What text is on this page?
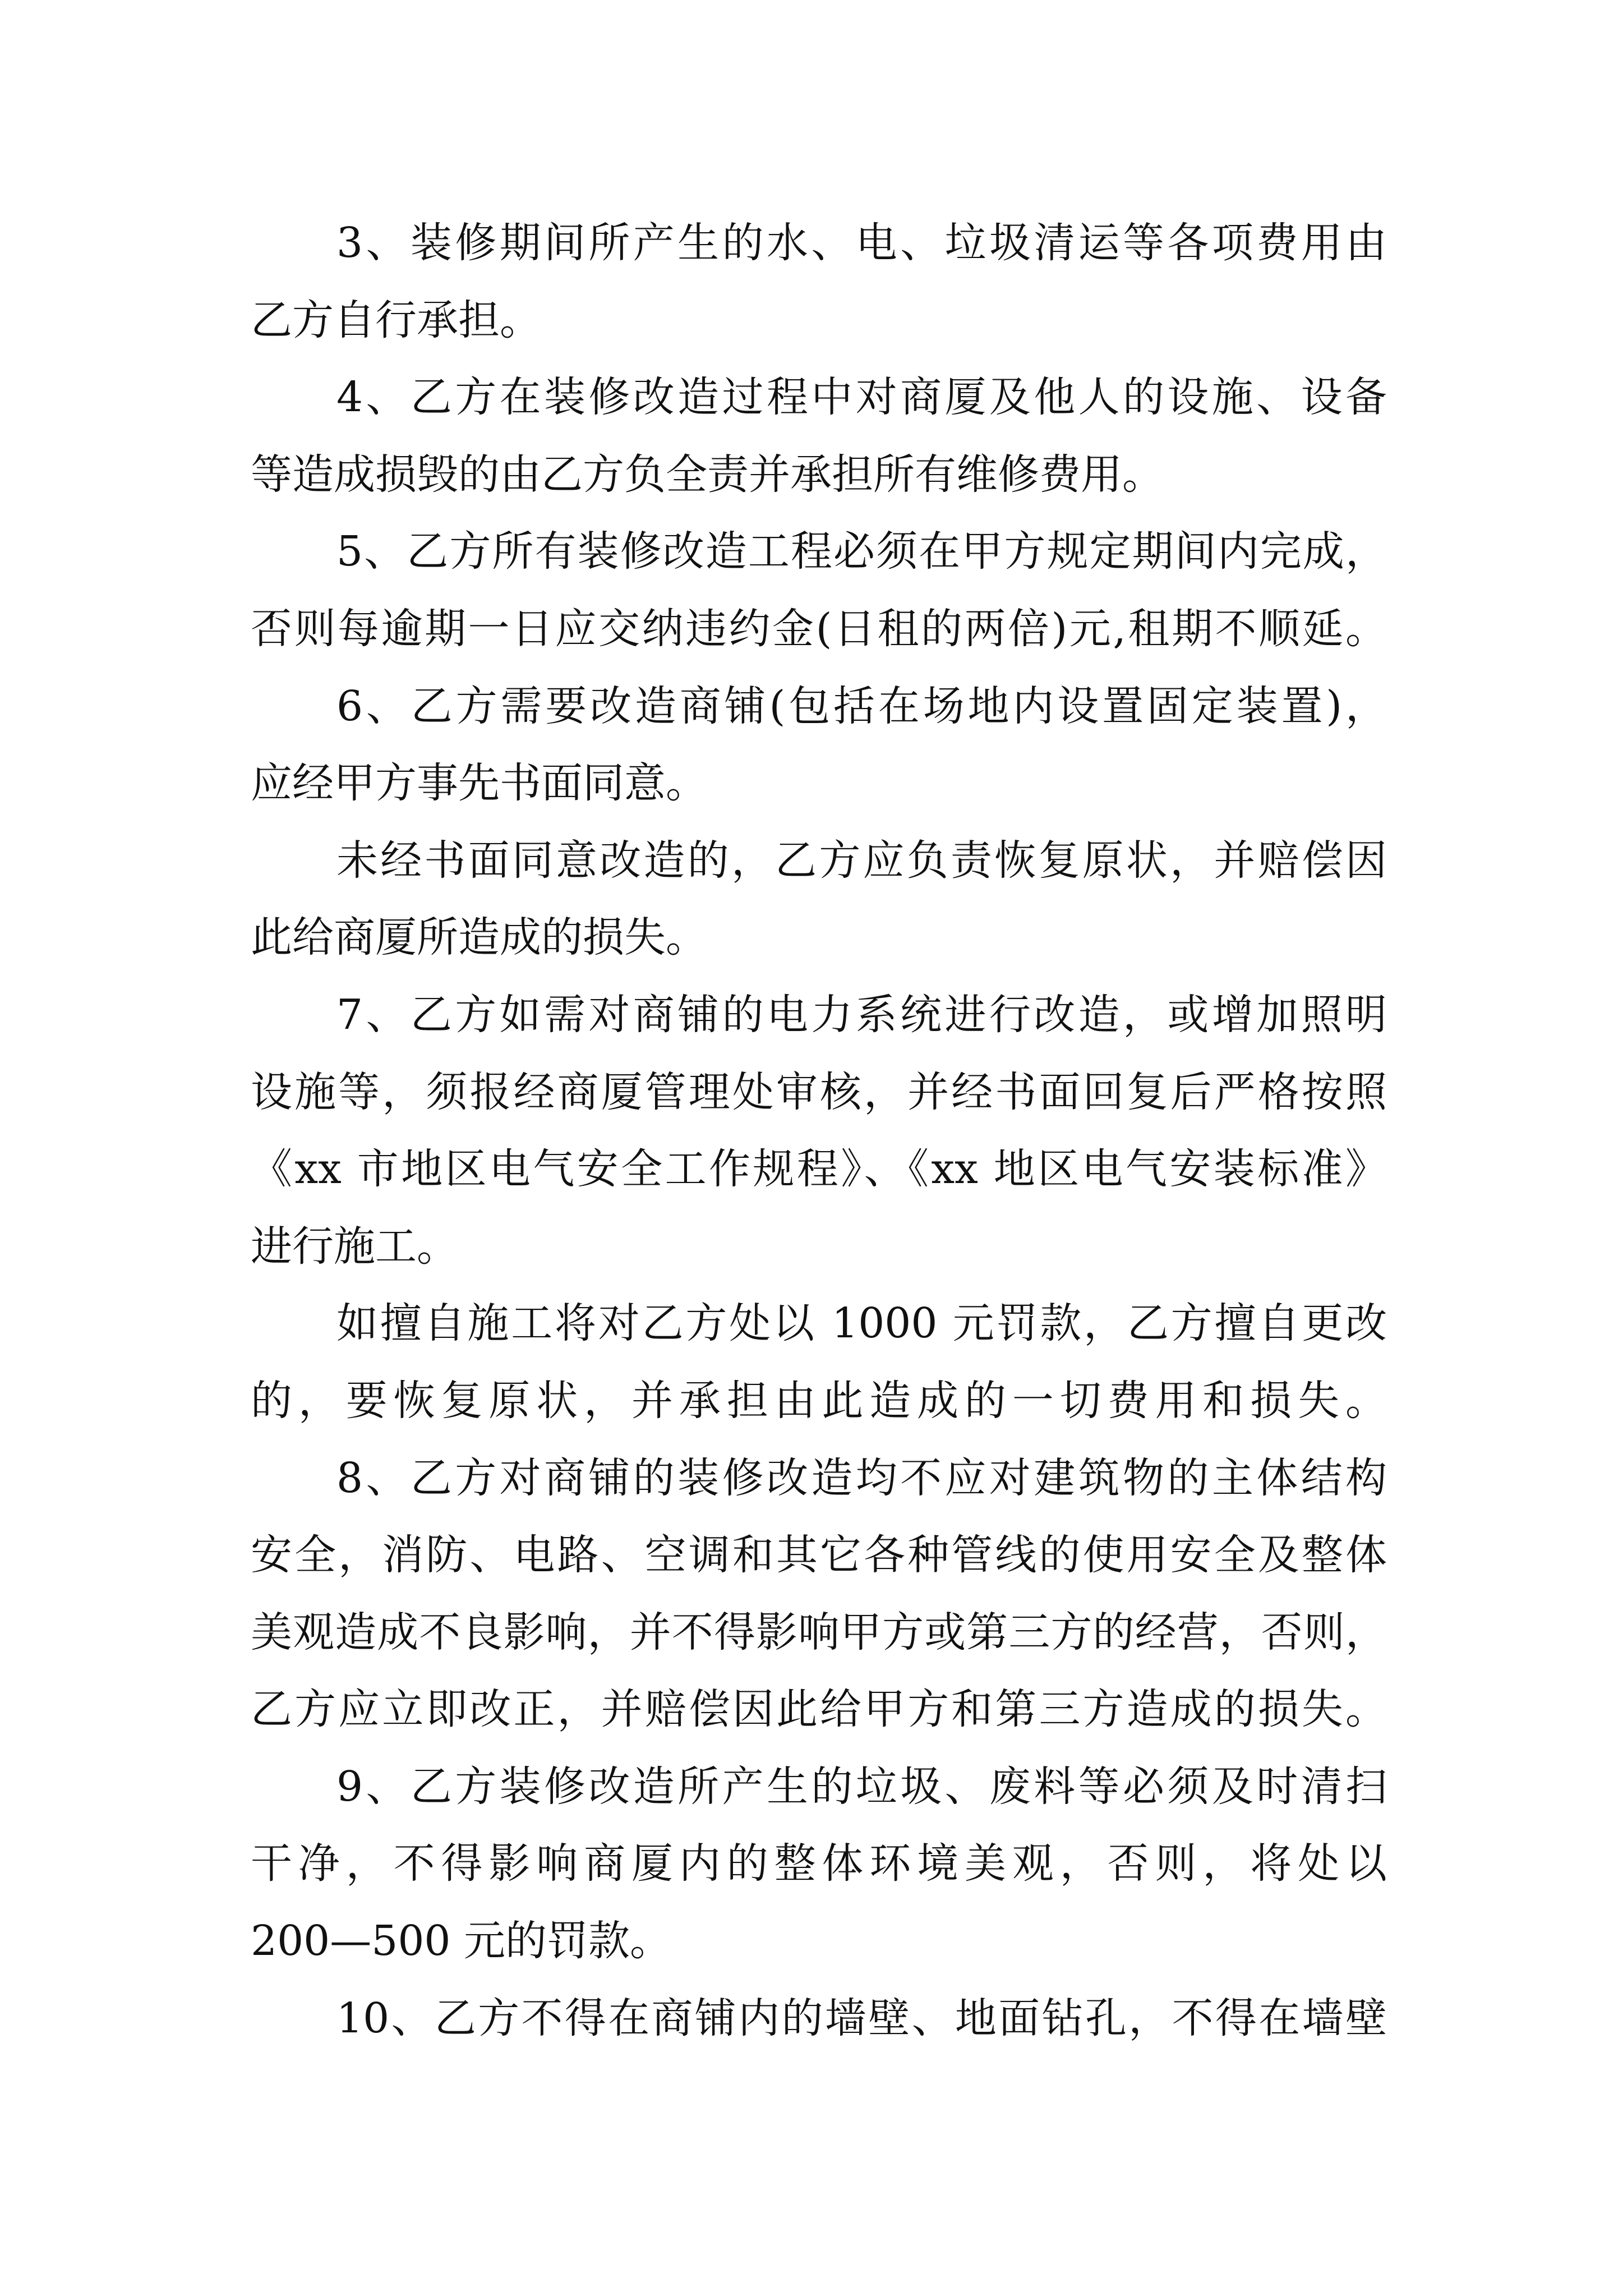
3、装修期间所产生的水、电、垃圾清运等各项费用由
乙方自行承担。
4、乙方在装修改造过程中对商厦及他人的设施、设备
等造成损毁的由乙方负全责并承担所有维修费用。
5、乙方所有装修改造工程必须在甲方规定期间内完成，
否则每逾期一日应交纳违约金(日租的两倍)元,租期不顺延。
6、乙方需要改造商铺(包括在场地内设置固定装置)，
应经甲方事先书面同意。
未经书面同意改造的，乙方应负责恢复原状，并赔偿因
此给商厦所造成的损失。
7、乙方如需对商铺的电力系统进行改造，或增加照明
设施等，须报经商厦管理处审核，并经书面回复后严格按照
《xx 市地区电气安全工作规程》、《xx 地区电气安装标准》
进行施工。
如擅自施工将对乙方处以 1000 元罚款，乙方擅自更改
的，要恢复原状，并承担由此造成的一切费用和损失。
8、乙方对商铺的装修改造均不应对建筑物的主体结构
安全，消防、电路、空调和其它各种管线的使用安全及整体
美观造成不良影响，并不得影响甲方或第三方的经营，否则，
乙方应立即改正，并赔偿因此给甲方和第三方造成的损失。
9、乙方装修改造所产生的垃圾、废料等必须及时清扫
干净，不得影响商厦内的整体环境美观，否则，将处以
200—500 元的罚款。
10、乙方不得在商铺内的墙壁、地面钻孔，不得在墙壁
